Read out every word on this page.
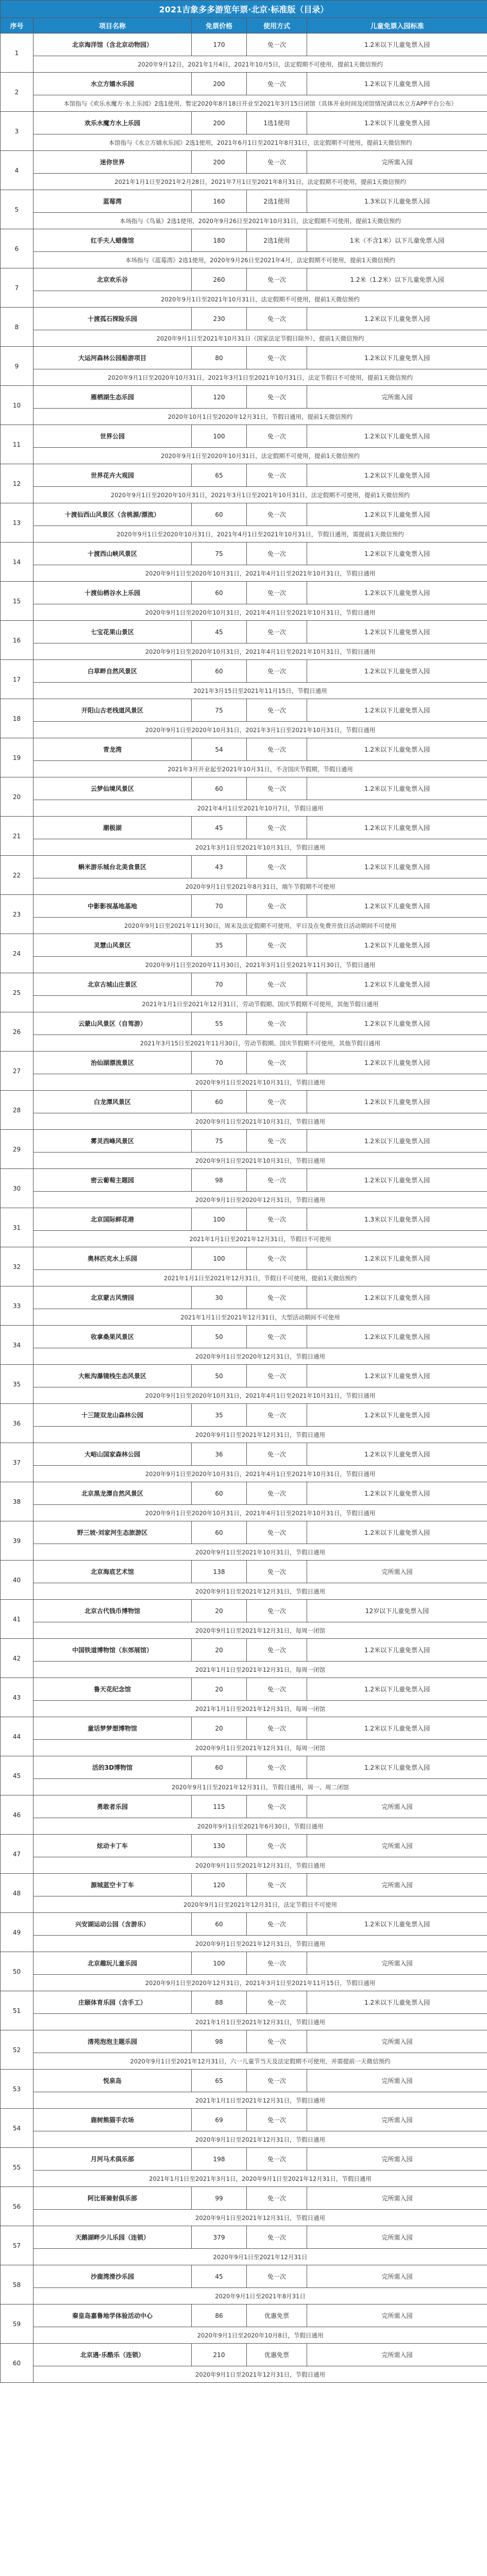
2021吉象多多游览年票·北京·标准版（目录）				
序号	项目名称	免票价格	使用方式	儿童免票入园标准
1	北京海洋馆（含北京动物园）	170	免一次	1.2米以下儿童免票入园
	2020年9月12日，2021年1月4日，2021年10月5日，法定假期不可使用，提前1天微信预约			
2	水立方嬉水乐园	200	免一次	1.2米以下儿童免票入园
	本馆指与《欢乐水魔方·水上乐园》2选1使用，暂定2020年8月18日开业至2021年3月15日闭馆（具体开业时间及闭馆情况请以水立方APP平台公布）			
3	欢乐水魔方水上乐园	200	1选1使用	1.2米以下儿童免票入园
	本馆指与《水立方嬉水乐园》2选1使用，2021年6月1日至2021年8月31日，法定假期不可使用，提前1天微信预约			
4	迷你世界	200	免一次	完所需入园
	2021年1月1日至2021年2月28日，2021年7月1日至2021年8月31日，法定假期不可使用，提前1天微信预约			
5	蓝莓湾	160	2选1使用	1.3米以下儿童免票入园
	本场指与《鸟巢》2选1使用，2020年9月26日至2021年10月31日，法定假期不可使用，提前1天微信预约			
6	红手夫人蜡像馆	180	2选1使用	1米（不含1米）以下儿童免票入园
	本场指与《蓝莓湾》2选1使用，2020年9月26日至2021年4月，法定假期不可使用，提前1天微信预约			
7	北京欢乐谷	260	免一次	1.2米（1.2米）以下儿童免票入园
	2020年9月1日至2021年10月31日，法定假期不可使用，提前1天微信预约			
8	十渡孤石探险乐园	230	免一次	1.2米以下儿童免票入园
	2020年9月1日至2021年10月31日（国家法定节假日除外），提前1天微信预约			
9	大运河森林公园船游项目	80	免一次	1.2米以下儿童免票入园
	2020年9月1日至2020年10月31日，2021年3月1日至2021年10月31日，法定节假日不可使用，提前1天微信预约			
10	雁栖湖生态乐园	120	免一次	完所需入园
	2020年10月1日至2020年12月31日，节假日通用，提前1天微信预约			
11	世界公园	100	免一次	1.2米以下儿童免票入园
	2020年9月1日至2020年10月31日，法定假期不可使用，提前1天微信预约			
12	世界花卉大观园	65	免一次	1.2米以下儿童免票入园
	2020年9月1日至2020年10月31日，2021年3月1日至2021年10月31日，法定假期不可使用，提前1天微信预约			
13	十渡仙西山风景区（含桃源/漂流）	60	免一次	1.2米以下儿童免票入园
	2020年9月1日至2020年10月31日，2021年4月1日至2021年10月31日，节假日通用，需提前1天微信预约			
14	十渡西山峡风景区	75	免一次	1.2米以下儿童免票入园
	2020年9月1日至2020年10月31日，2021年4月1日至2021年10月31日，节假日通用			
15	十渡仙栖谷水上乐园	60	免一次	1.2米以下儿童免票入园
	2020年9月1日至2020年10月31日，2021年4月1日至2021年10月31日，节假日通用			
16	七宝花果山景区	45	免一次	1.2米以下儿童免票入园
	2020年9月1日至2020年10月31日，2021年4月1日至2021年10月31日，节假日通用			
17	白草畔自然风景区	60	免一次	1.2米以下儿童免票入园
	2021年3月15日至2021年11月15日，节假日通用			
18	开阳山古老栈道风景区	75	免一次	1.2米以下儿童免票入园
	2020年9月1日至2020年10月31日，2021年3月1日至2021年10月31日，节假日通用			
19	青龙湾	54	免一次	1.2米以下儿童免票入园
	2021年3月开业起至2021年10月31日，不含国庆节假期，节假日通用			
20	云梦仙境风景区	60	免一次	1.2米以下儿童免票入园
	2021年4月1日至2021年10月7日，节假日通用			
21	潮极湖	45	免一次	1.2米以下儿童免票入园
	2021年3月1日至2021年10月31日，节假日通用			
22	蝌米游乐城台北美食景区	43	免一次	1.2米以下儿童免票入园
	2020年9月1日至2021年8月31日，端午节假期不可使用			
23	中影影视基地基地	70	免一次	1.2米以下儿童免票入园
	2020年9月1日至2021年11月30日，周末及法定假期不可使用，平日及在免费开放日活动期间不可使用			
24	灵慧山风景区	35	免一次	1.2米以下儿童免票入园
	2020年9月1日至2020年11月30日，2021年3月1日至2021年11月30日，节假日通用			
25	北京古城山庄景区	70	免一次	1.2米以下儿童免票入园
	2021年1月1日至2021年12月31日，劳动节假期、国庆节假期不可使用，其他节假日通用			
26	云蒙山风景区（自驾游）	55	免一次	1.2米以下儿童免票入园
	2021年3月15日至2021年11月30日，劳动节假期、国庆节假期不可使用，其他节假日通用			
27	治仙湖漂流景区	70	免一次	1.2米以下儿童免票入园
	2020年9月1日至2021年10月31日，节假日通用			
28	白龙潭风景区	60	免一次	1.2米以下儿童免票入园
	2020年9月1日至2021年10月31日，节假日通用			
29	雾灵西峰风景区	75	免一次	1.2米以下儿童免票入园
	2020年9月1日至2021年10月31日，节假日通用			
30	密云葡萄主题园	98	免一次	1.2米以下儿童免票入园
	2020年9月1日至2020年12月31日，节假日通用			
31	北京国际鲜花港	100	免一次	1.3米以下儿童免票入园
	2021年1月1日至2021年12月31日，节假日不可使用			
32	奥林匹克水上乐园	100	免一次	1.2米以下儿童免票入园
	2021年1月1日至2021年12月31日，节假日不可使用，提前1天微信预约			
33	北京蒙古风情园	30	免一次	1.2米以下儿童免票入园
	2021年1月1日至2021年12月31日，大型活动期间不可使用			
34	收拿桑果风景区	50	免一次	1.2米以下儿童免票入园
	2020年9月1日至2020年12月31日，节假日通用			
35	大帐沟瀑镜栈生态风景区	50	免一次	1.2米以下儿童免票入园
	2020年9月1日至2020年10月31日，2021年4月1日至2021年10月31日，节假日通用			
36	十三陵双龙山森林公园	35	免一次	1.2米以下儿童免票入园
	2020年9月1日至2021年12月31日，节假日通用			
37	大峪山国家森林公园	36	免一次	1.2米以下儿童免票入园
	2020年9月1日至2020年10月31日，2021年4月1日至2021年10月31日，节假日通用			
38	北京黑龙潭自然风景区	60	免一次	1.2米以下儿童免票入园
	2020年9月1日至2020年10月31日，2021年4月1日至2021年10月31日，节假日通用			
39	野三坡·刘家河生态旅游区	60	免一次	1.2米以下儿童免票入园
	2020年9月1日至2021年10月31日，节假日通用			
40	北京海底艺术馆	138	免一次	完所需入园
	2020年9月1日至2021年12月31日，节假日通用			
41	北京古代钱币博物馆	20	免一次	12岁以下儿童免票入园
	2020年9月1日至2021年12月31日，每周一闭馆			
42	中国铁道博物馆（东郊展馆）	20	免一次	1.2米以下儿童免票入园
	2021年1月1日至2021年12月31日，每周一闭馆			
43	鲁天花纪念馆	20	免一次	1.2米以下儿童免票入园
	2021年1月1日至2021年12月31日，每周一闭馆			
44	童话梦梦想博物馆	20	免一次	1.2米以下儿童免票入园
	2020年9月1日至2021年12月31日，每周一闭馆			
45	活的3D博物馆	60	免一次	1.2米以下儿童免票入园
	2020年9月1日至2021年12月31日，节假日通用，周一、周二闭馆			
46	勇敢者乐园	115	免一次	完所需入园
	2020年9月1日至2021年6月30日，节假日通用			
47	炫动卡丁车	130	免一次	完所需入园
	2020年9月1日至2021年12月31日，节假日通用			
48	源城蓝空卡丁车	120	免一次	完所需入园
	2020年9月1日至2021年12月31日，法定节假日不可使用			
49	兴安湖运动公园（含游乐）	60	免一次	1.2米以下儿童免票入园
	2020年9月1日至2021年12月31日，节假日通用			
50	北京趣玩儿童乐园	100	免一次	完所需入园
	2020年9月1日至2020年12月31日，2021年3月1日至2021年11月15日，节假日通用			
51	庄颐体育乐园（含手工）	88	免一次	1.2米以下儿童免票入园
	2021年1月1日至2021年12月31日，节假日通用			
52	清苑泡泡主题乐园	98	免一次	完所需入园
	2020年9月1日至2021年12月31日，六一儿童节当天及法定假期不可使用，并需提前一天微信预约			
53	悦泉岛	65	免一次	完所需入园
	2021年1月1日至2021年12月31日，节假日通用			
54	鹿树熊猫手农场	69	免一次	完所需入园
	2020年9月1日至2021年12月31日，节假日通用			
55	月河马术俱乐部	198	免一次	完所需入园
	2021年1月1日至2021年3月1日，2020年9月1日至2021年12月31日，节假日通用			
56	阿比哥骑射俱乐部	99	免一次	完所需入园
	2020年9月1日至2021年12月31日，节假日通用			
57	天鹅湖畔少儿乐园（连锁）	379	免一次	完所需入园
	2020年9月1日至2021年12月31日			
58	沙鹿湾滑沙乐园	45	免一次	完所需入园
	2020年9月1日至2021年8月31日			
59	秦皇岛嘉鲁地学体验活动中心	86	优惠免票	完所需入园
	2020年9月1日至2020年10月8日，节假日通用			
60	北京遇·乐酷乐（连锁）	210	优惠免票	完所需入园
	2020年9月1日至2021年12月31日，节假日通用			
